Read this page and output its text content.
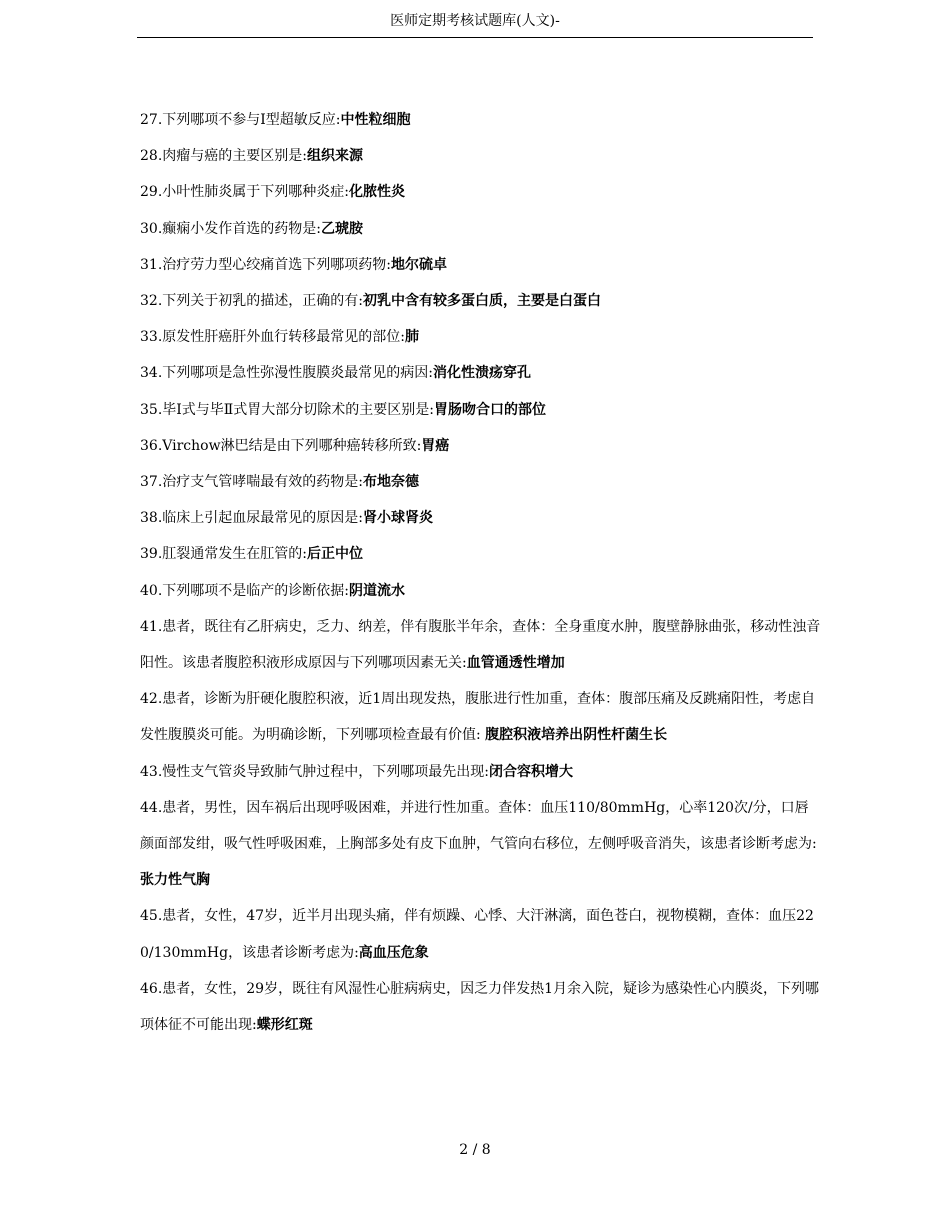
医师定期考核试题库(人文)-
27.下列哪项不参与Ⅰ型超敏反应:中性粒细胞
28.肉瘤与癌的主要区别是:组织来源
29.小叶性肺炎属于下列哪种炎症:化脓性炎
30.癫痫小发作首选的药物是:乙琥胺
31.治疗劳力型心绞痛首选下列哪项药物:地尔硫卓
32.下列关于初乳的描述，正确的有:初乳中含有较多蛋白质，主要是白蛋白
33.原发性肝癌肝外血行转移最常见的部位:肺
34.下列哪项是急性弥漫性腹膜炎最常见的病因:消化性溃疡穿孔
35.毕Ⅰ式与毕Ⅱ式胃大部分切除术的主要区别是:胃肠吻合口的部位
36.Virchow淋巴结是由下列哪种癌转移所致:胃癌
37.治疗支气管哮喘最有效的药物是:布地奈德
38.临床上引起血尿最常见的原因是:肾小球肾炎
39.肛裂通常发生在肛管的:后正中位
40.下列哪项不是临产的诊断依据:阴道流水
41.患者，既往有乙肝病史，乏力、纳差，伴有腹胀半年余，查体：全身重度水肿，腹壁静脉曲张，移动性浊音阳性。该患者腹腔积液形成原因与下列哪项因素无关:血管通透性增加
42.患者，诊断为肝硬化腹腔积液，近1周出现发热，腹胀进行性加重，查体：腹部压痛及反跳痛阳性，考虑自发性腹膜炎可能。为明确诊断，下列哪项检查最有价值: 腹腔积液培养出阴性杆菌生长
43.慢性支气管炎导致肺气肿过程中，下列哪项最先出现:闭合容积增大
44.患者，男性，因车祸后出现呼吸困难，并进行性加重。查体：血压110/80mmHg，心率120次/分，口唇颜面部发绀，吸气性呼吸困难，上胸部多处有皮下血肿，气管向右移位，左侧呼吸音消失，该患者诊断考虑为:张力性气胸
45.患者，女性，47岁，近半月出现头痛，伴有烦躁、心悸、大汗淋漓，面色苍白，视物模糊，查体：血压220/130mmHg，该患者诊断考虑为:高血压危象
46.患者，女性，29岁，既往有风湿性心脏病病史，因乏力伴发热1月余入院，疑诊为感染性心内膜炎，下列哪项体征不可能出现:蝶形红斑
2 / 8
